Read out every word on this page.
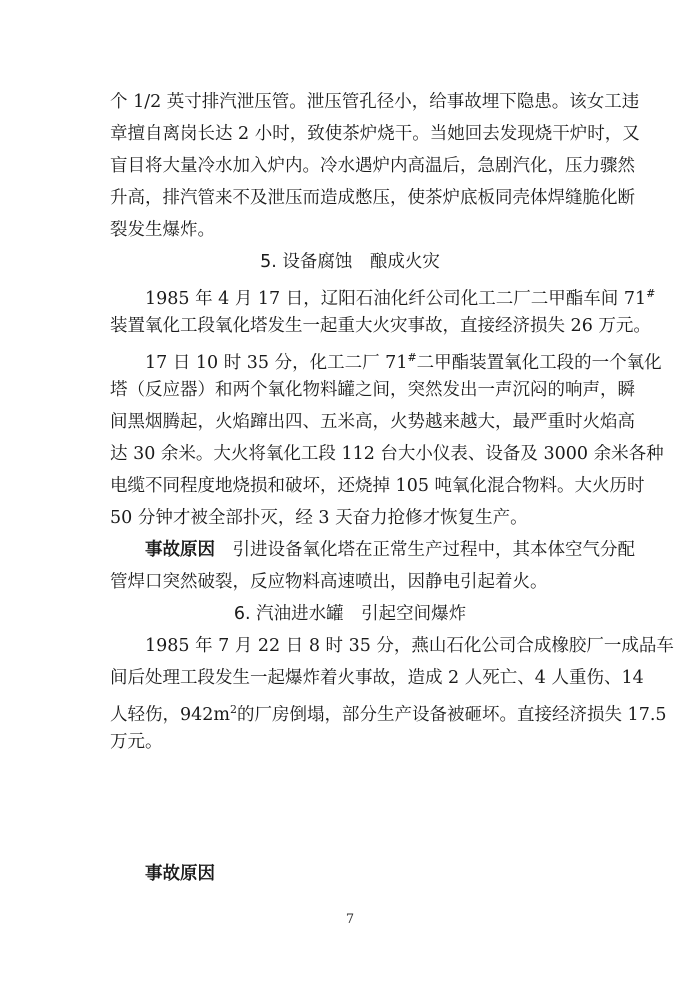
个 1/2 英寸排汽泄压管。泄压管孔径小，给事故埋下隐患。该女工违
章擅自离岗长达 2 小时，致使茶炉烧干。当她回去发现烧干炉时，又
盲目将大量冷水加入炉内。冷水遇炉内高温后，急剧汽化，压力骤然
升高，排汽管来不及泄压而造成憋压，使茶炉底板同壳体焊缝脆化断
裂发生爆炸。
5. 设备腐蚀　酿成火灾
1985 年 4 月 17 日，辽阳石油化纤公司化工二厂二甲酯车间 71#
装置氧化工段氧化塔发生一起重大火灾事故，直接经济损失 26 万元。
17 日 10 时 35 分，化工二厂 71#二甲酯装置氧化工段的一个氧化
塔（反应器）和两个氧化物料罐之间，突然发出一声沉闷的响声，瞬
间黑烟腾起，火焰蹿出四、五米高，火势越来越大，最严重时火焰高
达 30 余米。大火将氧化工段 112 台大小仪表、设备及 3000 余米各种
电缆不同程度地烧损和破坏，还烧掉 105 吨氧化混合物料。大火历时
50 分钟才被全部扑灭，经 3 天奋力抢修才恢复生产。
事故原因　引进设备氧化塔在正常生产过程中，其本体空气分配
管焊口突然破裂，反应物料高速喷出，因静电引起着火。
6. 汽油进水罐　引起空间爆炸
1985 年 7 月 22 日 8 时 35 分，燕山石化公司合成橡胶厂一成品车
间后处理工段发生一起爆炸着火事故，造成 2 人死亡、4 人重伤、14
人轻伤，$942m^2$的厂房倒塌，部分生产设备被砸坏。直接经济损失 17.5
万元。
事故原因
7
